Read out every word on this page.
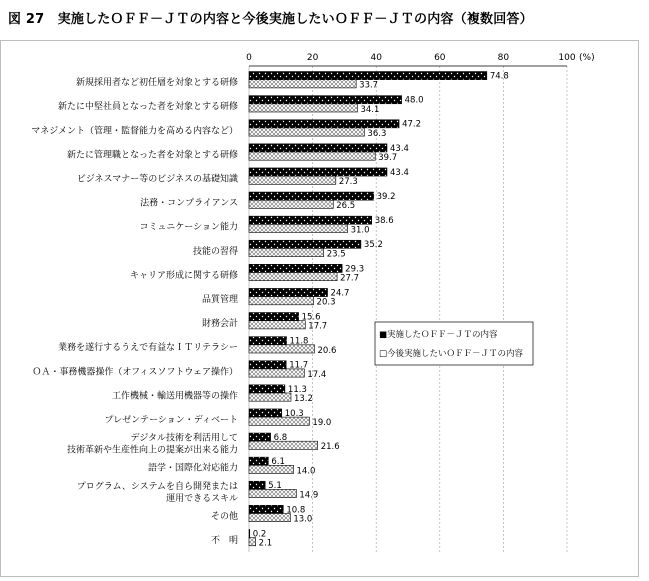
図 27　実施したＯＦＦ－ＪＴの内容と今後実施したいＯＦＦ－ＪＴの内容（複数回答）
0	20	40	60	80	100 (%)
74.8
33.7
48.0
34.1
47.2
36.3
43.4
39.7
43.4
27.3
39.2
26.5
38.6
31.0
35.2
23.5
29.3
27.7
24.7
20.3
15.6
17.7
11.8
20.6
11.7
17.4
11.3
13.2
10.3
19.0
6.8
21.6
6.1
14.0
5.1
14.9
10.8
13.0
0.2
2.1
新規採用者など初任層を対象とする研修
新たに中堅社員となった者を対象とする研修
マネジメント（管理・監督能力を高める内容など）
新たに管理職となった者を対象とする研修
ビジネスマナー等のビジネスの基礎知識
法務・コンプライアンス
コミュニケーション能力
技能の習得
キャリア形成に関する研修
品質管理
財務会計
業務を遂行するうえで有益なＩＴリテラシー
ＯＡ・事務機器操作（オフィスソフトウェア操作）
工作機械・輸送用機器等の操作
プレゼンテーション・ディベート
デジタル技術を利活用して
技術革新や生産性向上の提案が出来る能力
語学・国際化対応能力
プログラム、システムを自ら開発または
運用できるスキル
その他
不　明
■実施したＯＦＦ－ＪＴの内容
□今後実施したいＯＦＦ－ＪＴの内容
